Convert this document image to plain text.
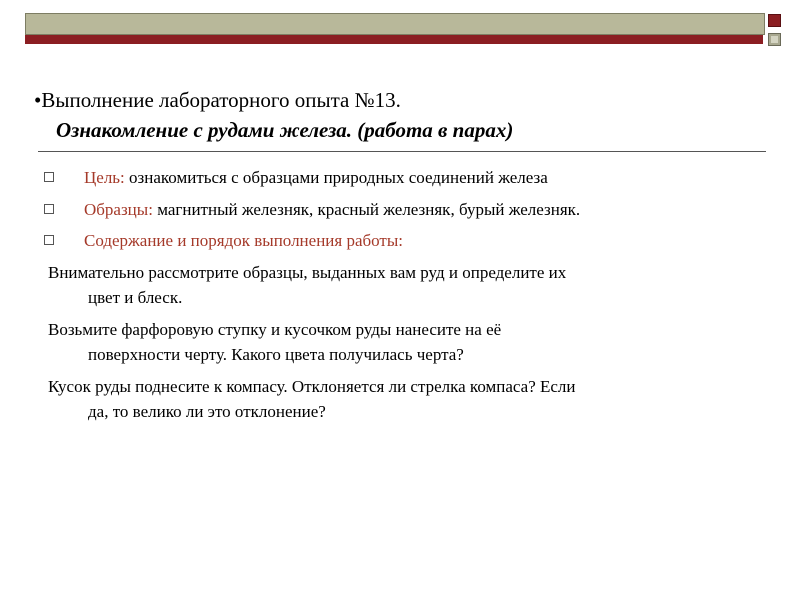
•Выполнение лабораторного опыта №13.
Ознакомление с рудами железа. (работа в парах)
Цель: ознакомиться с образцами природных соединений железа
Образцы: магнитный железняк, красный железняк, бурый железняк.
Содержание и порядок выполнения работы:
Внимательно рассмотрите образцы, выданных вам руд и определите их
цвет и блеск.
Возьмите фарфоровую ступку и кусочком руды нанесите на её
поверхности черту. Какого цвета получилась черта?
Кусок руды поднесите к компасу. Отклоняется ли стрелка компаса? Если
да, то велико ли это отклонение?
